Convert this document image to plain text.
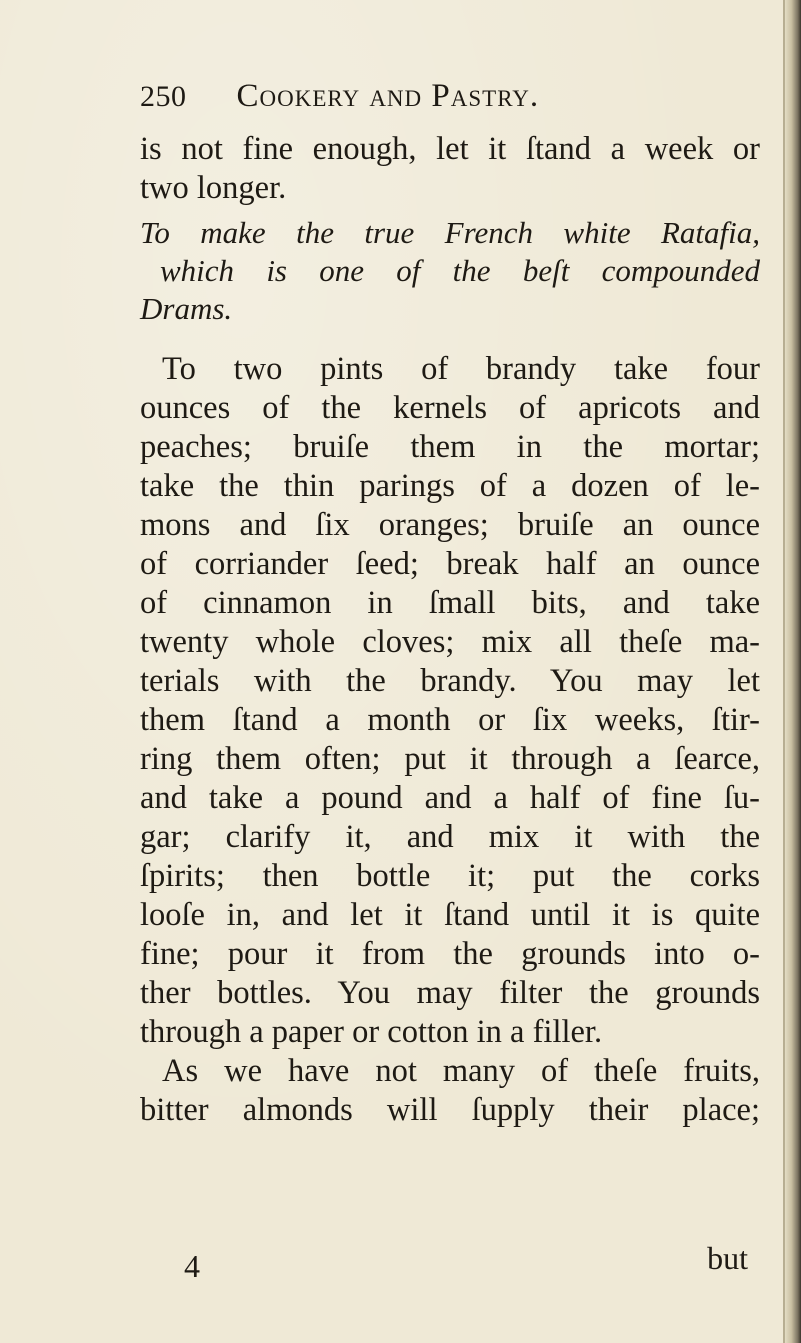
250 Cookery and Pastry.
is not fine enough, let it ſtand a week or
two longer.
To make the true French white Ratafia,
which is one of the beſt compounded
Drams.
To two pints of brandy take four
ounces of the kernels of apricots and
peaches; bruiſe them in the mortar;
take the thin parings of a dozen of le-
mons and ſix oranges; bruiſe an ounce
of corriander ſeed; break half an ounce
of cinnamon in ſmall bits, and take
twenty whole cloves; mix all theſe ma-
terials with the brandy. You may let
them ſtand a month or ſix weeks, ſtir-
ring them often; put it through a ſearce,
and take a pound and a half of fine ſu-
gar; clarify it, and mix it with the
ſpirits; then bottle it; put the corks
looſe in, and let it ſtand until it is quite
fine; pour it from the grounds into o-
ther bottles. You may filter the grounds
through a paper or cotton in a filler.
As we have not many of theſe fruits,
bitter almonds will ſupply their place;
4	but
